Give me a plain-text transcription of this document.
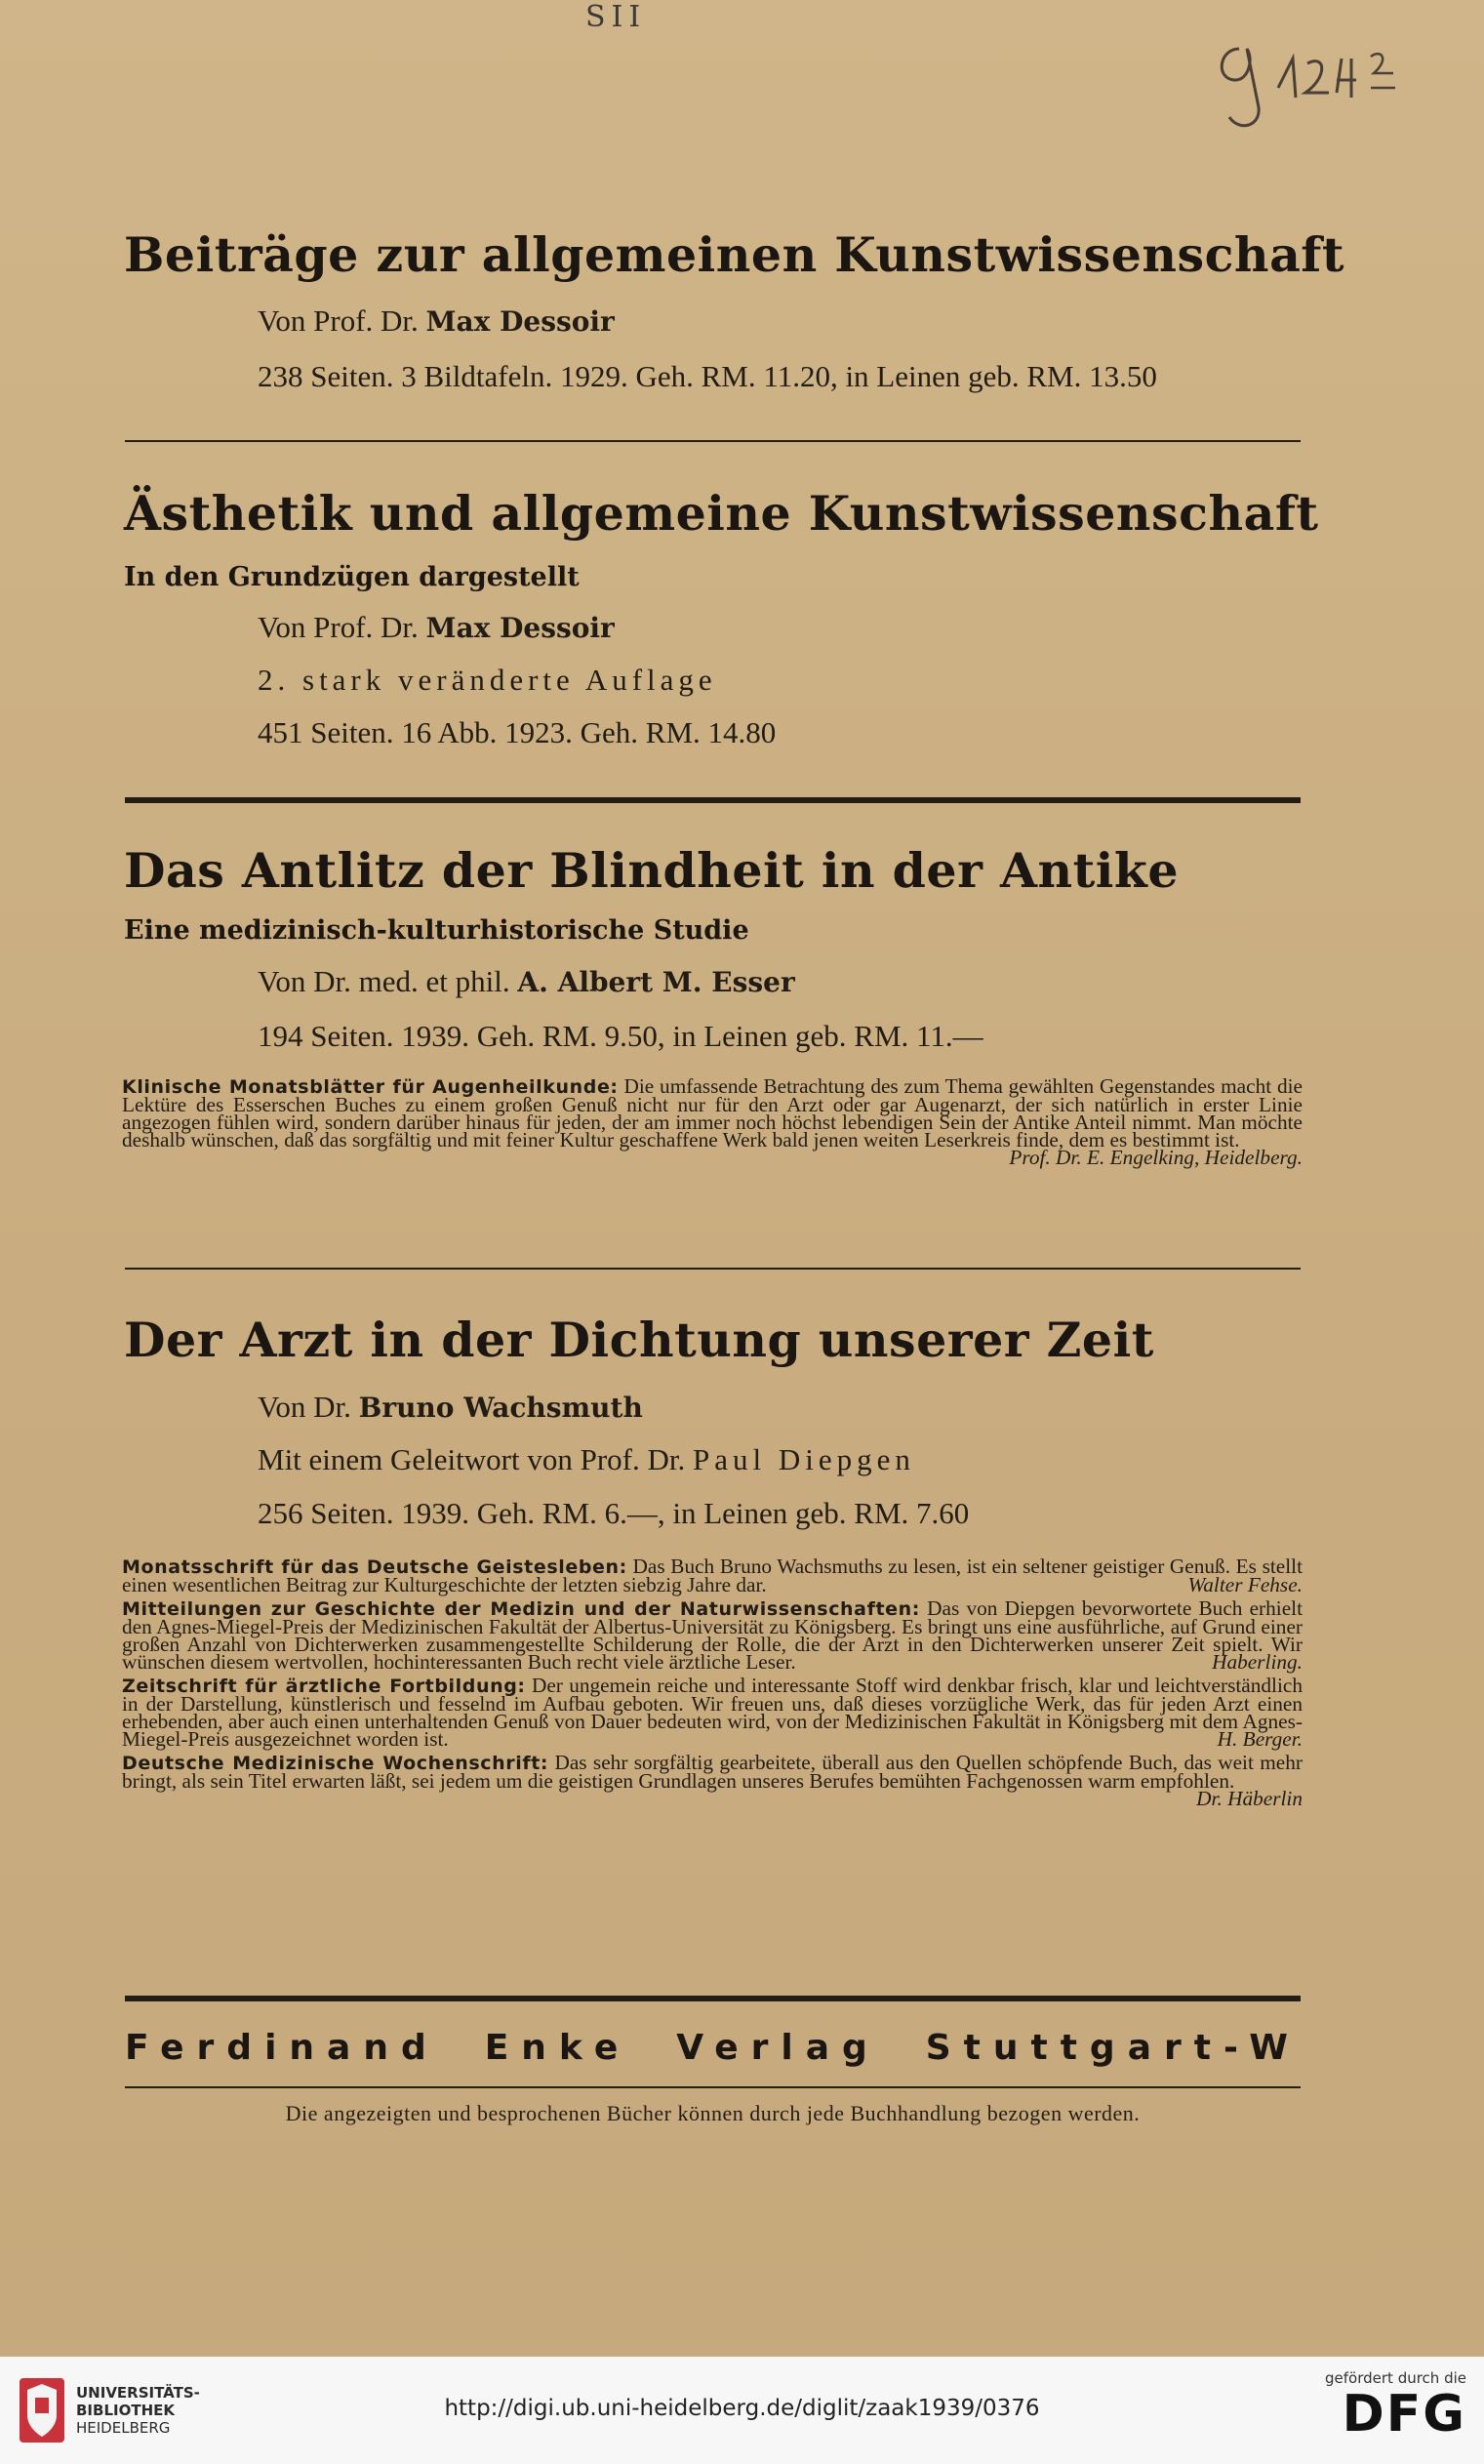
SII
Beiträge zur allgemeinen Kunstwissenschaft
Von Prof. Dr. Max Dessoir
238 Seiten. 3 Bildtafeln. 1929. Geh. RM. 11.20, in Leinen geb. RM. 13.50
Ästhetik und allgemeine Kunstwissenschaft
In den Grundzügen dargestellt
Von Prof. Dr. Max Dessoir
2. stark veränderte Auflage
451 Seiten. 16 Abb. 1923. Geh. RM. 14.80
Das Antlitz der Blindheit in der Antike
Eine medizinisch-kulturhistorische Studie
Von Dr. med. et phil. A. Albert M. Esser
194 Seiten. 1939. Geh. RM. 9.50, in Leinen geb. RM. 11.—

Klinische Monatsblätter für Augenheilkunde: Die umfassende Betrachtung des zum Thema gewählten Gegenstandes macht die Lektüre des Esserschen Buches zu einem großen Genuß nicht nur für den Arzt oder gar Augenarzt, der sich natürlich in erster Linie angezogen fühlen wird, sondern darüber hinaus für jeden, der am immer noch höchst lebendigen Sein der Antike Anteil nimmt. Man möchte deshalb wünschen, daß das sorgfältig und mit feiner Kultur geschaffene Werk bald jenen weiten Leserkreis finde, dem es bestimmt ist.
Prof. Dr. E. Engelking, Heidelberg.

Der Arzt in der Dichtung unserer Zeit
Von Dr. Bruno Wachsmuth
Mit einem Geleitwort von Prof. Dr. Paul Diepgen
256 Seiten. 1939. Geh. RM. 6.—, in Leinen geb. RM. 7.60

Monatsschrift für das Deutsche Geistesleben: Das Buch Bruno Wachsmuths zu lesen, ist ein seltener geistiger Genuß. Es stellt einen wesentlichen Beitrag zur Kulturgeschichte der letzten siebzig Jahre dar.	Walter Fehse.

Mitteilungen zur Geschichte der Medizin und der Naturwissenschaften: Das von Diepgen bevorwortete Buch erhielt den Agnes-Miegel-Preis der Medizinischen Fakultät der Albertus-Universität zu Königsberg. Es bringt uns eine ausführliche, auf Grund einer großen Anzahl von Dichterwerken zusammengestellte Schilderung der Rolle, die der Arzt in den Dichterwerken unserer Zeit spielt. Wir wünschen diesem wertvollen, hochinteressanten Buch recht viele ärztliche Leser.	Haberling.

Zeitschrift für ärztliche Fortbildung: Der ungemein reiche und interessante Stoff wird denkbar frisch, klar und leichtverständlich in der Darstellung, künstlerisch und fesselnd im Aufbau geboten. Wir freuen uns, daß dieses vorzügliche Werk, das für jeden Arzt einen erhebenden, aber auch einen unterhaltenden Genuß von Dauer bedeuten wird, von der Medizinischen Fakultät in Königsberg mit dem Agnes-Miegel-Preis ausgezeichnet worden ist.	H. Berger.

Deutsche Medizinische Wochenschrift: Das sehr sorgfältig gearbeitete, überall aus den Quellen schöpfende Buch, das weit mehr bringt, als sein Titel erwarten läßt, sei jedem um die geistigen Grundlagen unseres Berufes bemühten Fachgenossen warm empfohlen.
Dr. Häberlin

Ferdinand Enke Verlag Stuttgart-W
Die angezeigten und besprochenen Bücher können durch jede Buchhandlung bezogen werden.
UNIVERSITÄTS-
BIBLIOTHEK
HEIDELBERG
http://digi.ub.uni-heidelberg.de/diglit/zaak1939/0376
gefördert durch die
DFG
